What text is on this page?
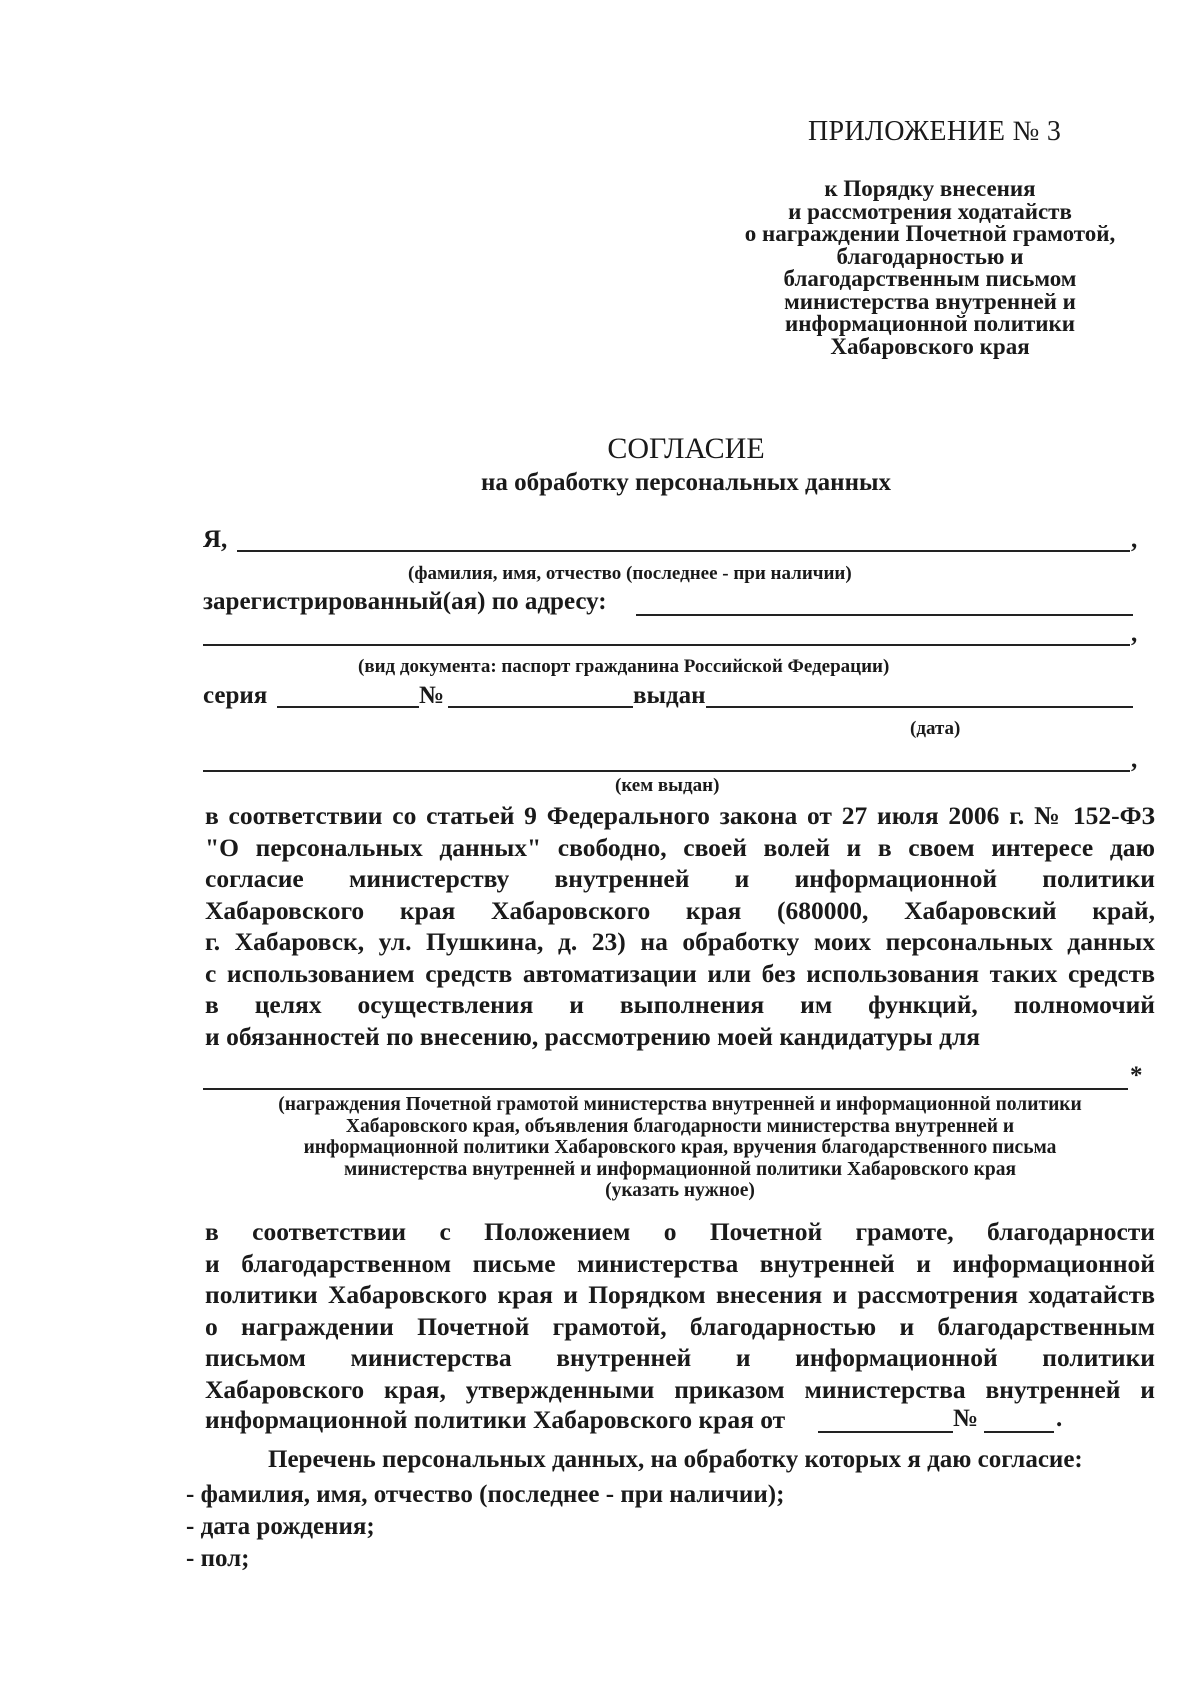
ПРИЛОЖЕНИЕ № 3
к Порядку внесения
и рассмотрения ходатайств
о награждении Почетной грамотой,
благодарностью и
благодарственным письмом
министерства внутренней и
информационной политики
Хабаровского края
СОГЛАСИЕ
на обработку персональных данных
Я,	,
(фамилия, имя, отчество (последнее - при наличии)
зарегистрированный(ая) по адресу:
,
(вид документа: паспорт гражданина Российской Федерации)
серия	№	выдан
(дата)
,
(кем выдан)
в соответствии со статьей 9 Федерального закона от 27 июля 2006 г. № 152-ФЗ
"О персональных данных" свободно, своей волей и в своем интересе даю
согласие министерству внутренней и информационной политики
Хабаровского края Хабаровского края (680000, Хабаровский край,
г. Хабаровск, ул. Пушкина, д. 23) на обработку моих персональных данных
с использованием средств автоматизации или без использования таких средств
в целях осуществления и выполнения им функций, полномочий
и обязанностей по внесению, рассмотрению моей кандидатуры для
*
(награждения Почетной грамотой министерства внутренней и информационной политики
Хабаровского края, объявления благодарности министерства внутренней и
информационной политики Хабаровского края, вручения благодарственного письма
министерства внутренней и информационной политики Хабаровского края
(указать нужное)
в соответствии с Положением о Почетной грамоте, благодарности
и благодарственном письме министерства внутренней и информационной
политики Хабаровского края и Порядком внесения и рассмотрения ходатайств
о награждении Почетной грамотой, благодарностью и благодарственным
письмом министерства внутренней и информационной политики
Хабаровского края, утвержденными приказом министерства внутренней и
информационной политики Хабаровского края от	№	.
Перечень персональных данных, на обработку которых я даю согласие:
- фамилия, имя, отчество (последнее - при наличии);
- дата рождения;
- пол;
